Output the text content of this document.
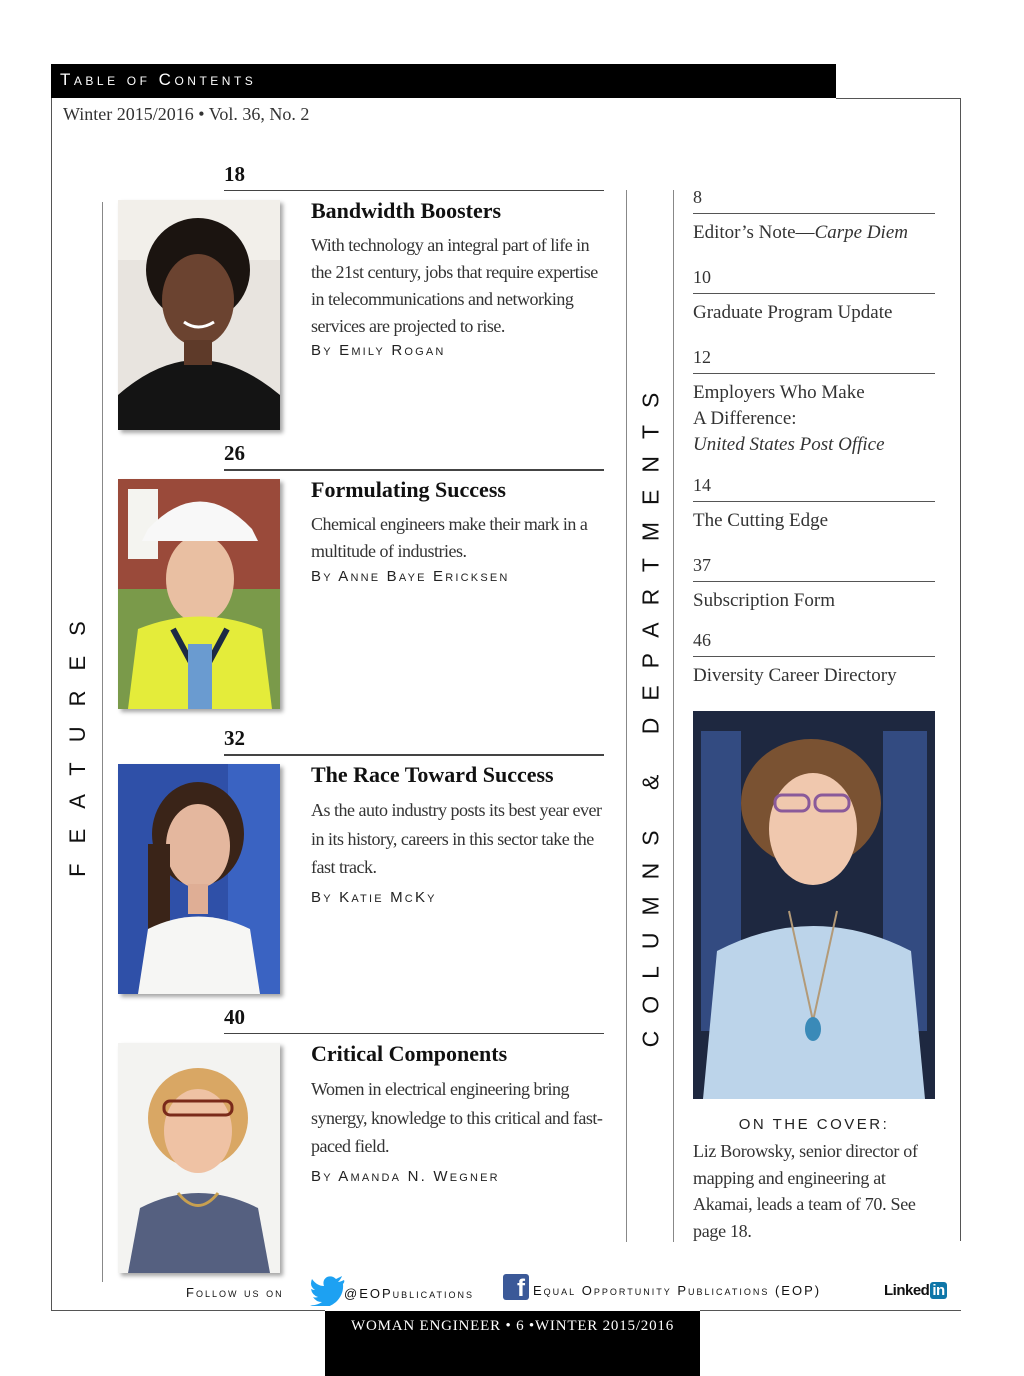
Table of Contents
Winter 2015/2016 • Vol. 36, No. 2
FEATURES	COLUMNS & DEPARTMENTS
18
Bandwidth Boosters
With technology an integral part of life in the 21st century, jobs that require expertise in telecommunications and networking services are projected to rise.
By Emily Rogan
26
Formulating Success
Chemical engineers make their mark in a multitude of industries.
By Anne Baye Ericksen
32
The Race Toward Success
As the auto industry posts its best year ever in its history, careers in this sector take the fast track.
By Katie McKy
40
Critical Components
Women in electrical engineering bring synergy, knowledge to this critical and fast-paced field.
By Amanda N. Wegner
8
Editor’s Note—Carpe Diem
10
Graduate Program Update
12
Employers Who Make
A Difference:
United States Post Office
14
The Cutting Edge
37
Subscription Form
46
Diversity Career Directory
ON THE COVER:
Liz Borowsky, senior director of mapping and engineering at Akamai, leads a team of 70. See page 18.
Follow us on	@EOPublications	f Equal Opportunity Publications (EOP)	Linked in
WOMAN ENGINEER • 6 •WINTER 2015/2016
